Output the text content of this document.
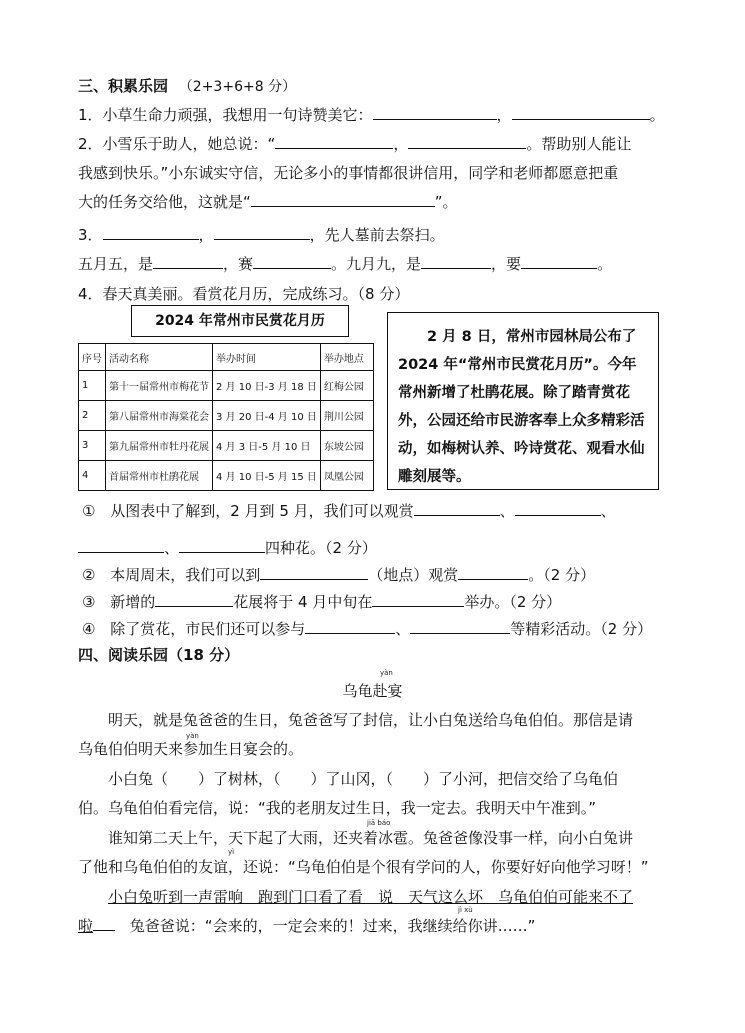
三、积累乐园 （2+3+6+8 分）
1．小草生命力顽强，我想用一句诗赞美它：	，	。
2．小雪乐于助人，她总说：“	，	。帮助别人能让
我感到快乐。”小东诚实守信，无论多小的事情都很讲信用，同学和老师都愿意把重
大的任务交给他，这就是“	”。
3．	，	，先人墓前去祭扫。
五月五，是	，赛	。九月九，是	，要	。
4．春天真美丽。看赏花月历，完成练习。（8 分）
2024 年常州市民赏花月历
序号	活动名称	举办时间	举办地点
1	第十一届常州市梅花节	2 月 10 日-3 月 18 日	红梅公园
2	第八届常州市海棠花会	3 月 20 日-4 月 10 日	荆川公园
3	第九届常州市牡丹花展	4 月 3 日-5 月 10 日	东坡公园
4	首届常州市杜鹃花展	4 月 10 日-5 月 15 日	凤凰公园

2 月 8 日，常州市园林局公布了 2024 年“常州市民赏花月历”。今年常州新增了杜鹃花展。除了踏青赏花外，公园还给市民游客奉上众多精彩活动，如梅树认养、吟诗赏花、观看水仙雕刻展等。

① 从图表中了解到，2 月到 5 月，我们可以观赏	、	、
、	四种花。（2 分）
② 本周周末，我们可以到	（地点）观赏	。（2 分）
③ 新增的	花展将于 4 月中旬在	举办。（2 分）
④ 除了赏花，市民们还可以参与	、	等精彩活动。（2 分）
四、阅读乐园（18 分）
yàn
乌龟赴宴
明天，就是兔爸爸的生日，兔爸爸写了封信，让小白兔送给乌龟伯伯。那信是请
yàn
乌龟伯伯明天来参加生日宴会的。
小白兔（　　）了树林，（　　）了山冈，（　　）了小河，把信交给了乌龟伯
伯。乌龟伯伯看完信，说：“我的老朋友过生日，我一定去。我明天中午准到。”
jiā báo
谁知第二天上午，天下起了大雨，还夹着冰雹。兔爸爸像没事一样，向小白兔讲
yì
了他和乌龟伯伯的友谊，还说：“乌龟伯伯是个很有学问的人，你要好好向他学习呀！”
小白兔听到一声雷响　跑到门口看了看　说　天气这么坏　乌龟伯伯可能来不了
jì xù
啦 兔爸爸说：“会来的，一定会来的！过来，我继续给你讲……”
